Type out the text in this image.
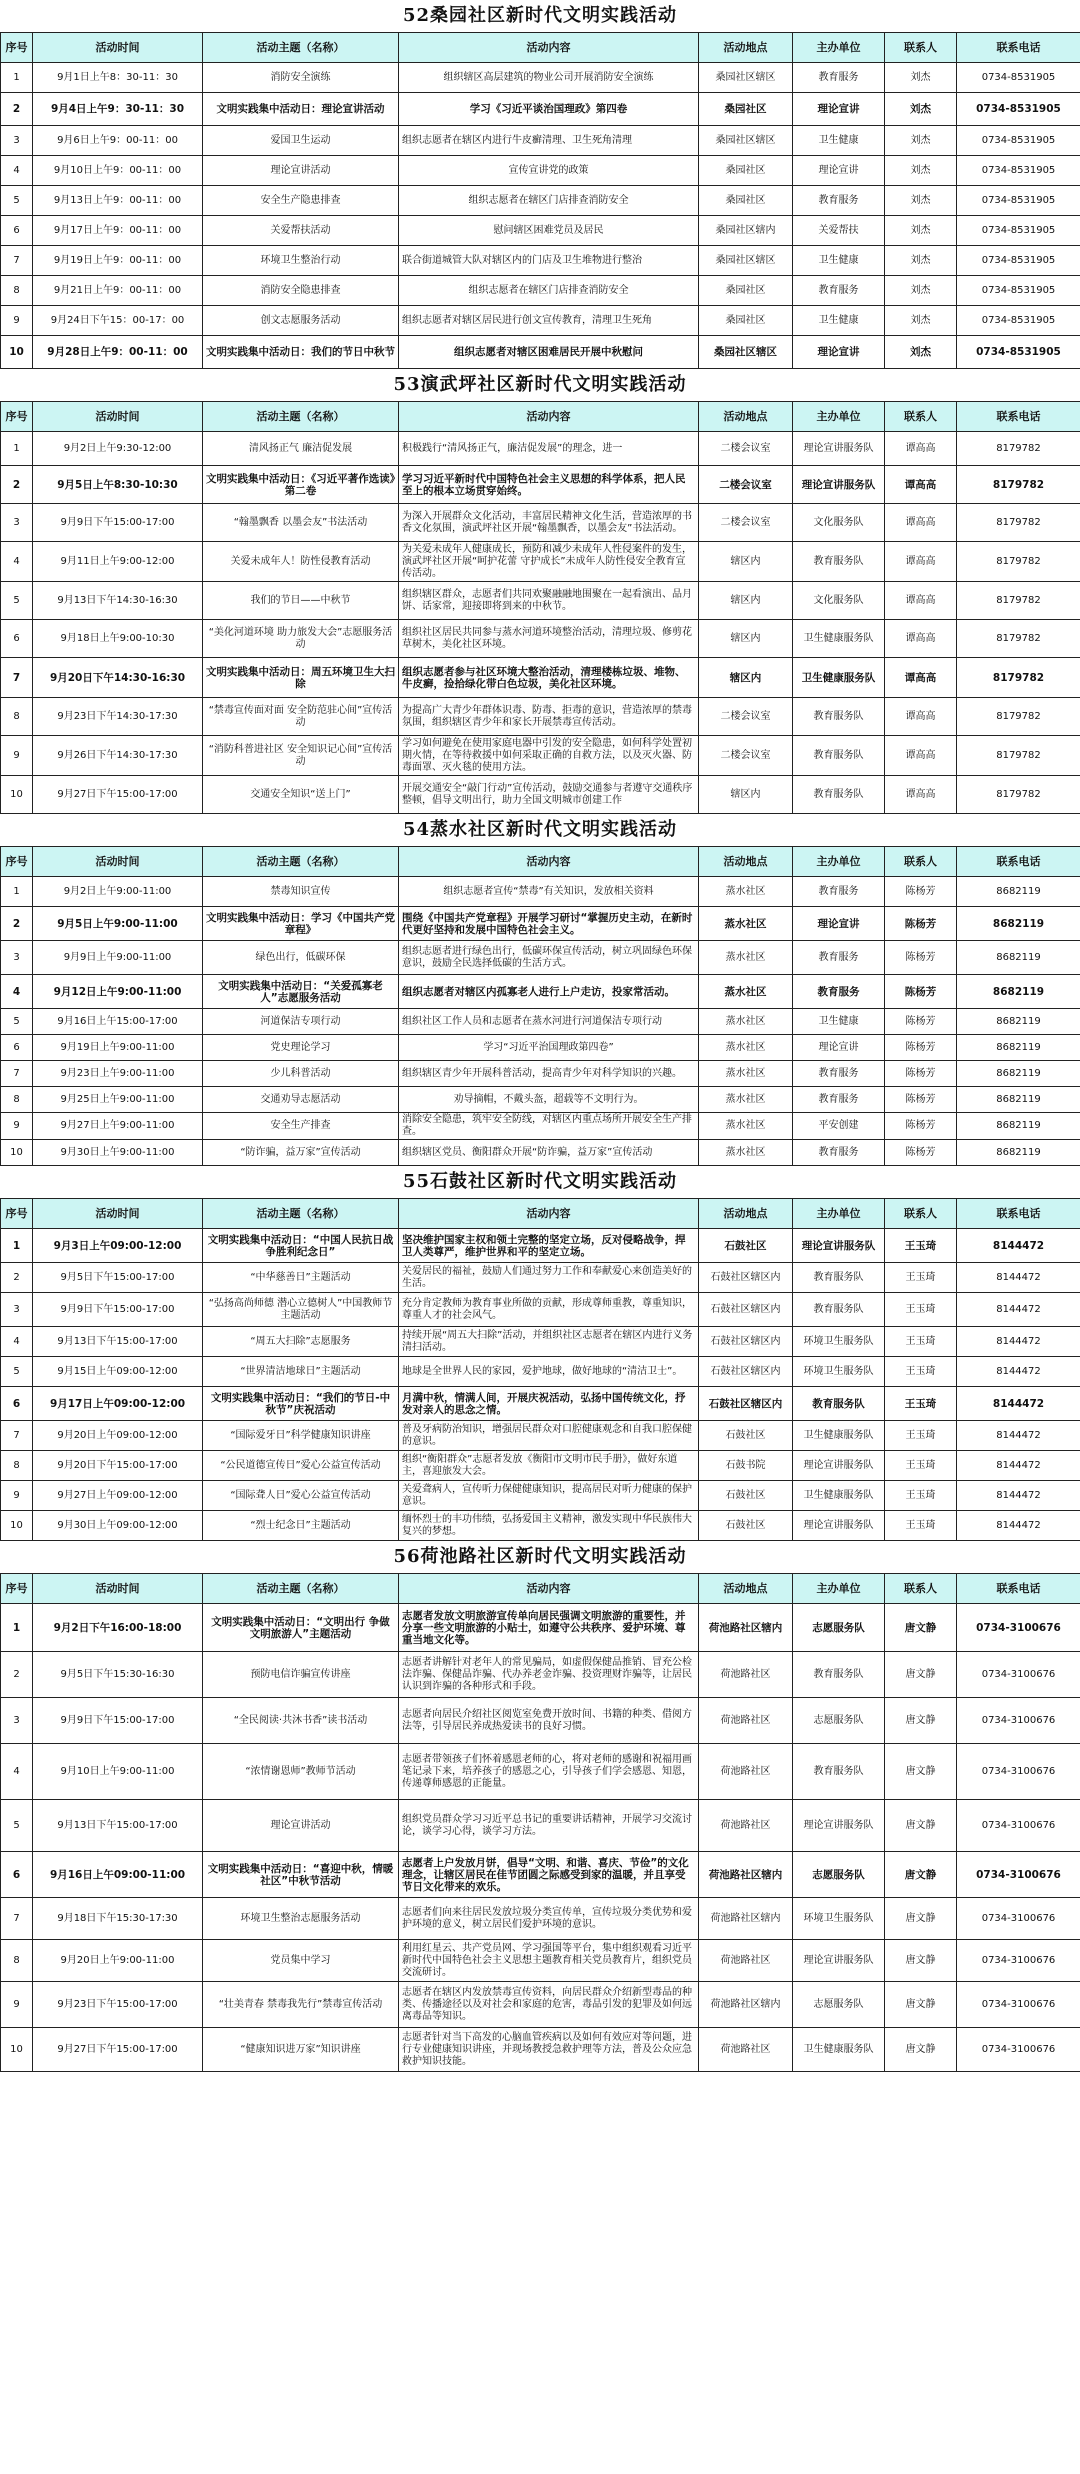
52桑园社区新时代文明实践活动
序号	活动时间	活动主题（名称）	活动内容	活动地点	主办单位	联系人	联系电话
1	9月1日上午8：30-11：30	消防安全演练	组织辖区高层建筑的物业公司开展消防安全演练	桑园社区辖区	教育服务	刘杰	0734-8531905
2	9月4日上午9：30-11：30	文明实践集中活动日：理论宣讲活动	学习《习近平谈治国理政》第四卷	桑园社区	理论宣讲	刘杰	0734-8531905
3	9月6日上午9：00-11：00	爱国卫生运动	组织志愿者在辖区内进行牛皮癣清理、卫生死角清理	桑园社区辖区	卫生健康	刘杰	0734-8531905
4	9月10日上午9：00-11：00	理论宣讲活动	宣传宣讲党的政策	桑园社区	理论宣讲	刘杰	0734-8531905
5	9月13日上午9：00-11：00	安全生产隐患排查	组织志愿者在辖区门店排查消防安全	桑园社区	教育服务	刘杰	0734-8531905
6	9月17日上午9：00-11：00	关爱帮扶活动	慰问辖区困难党员及居民	桑园社区辖内	关爱帮扶	刘杰	0734-8531905
7	9月19日上午9：00-11：00	环境卫生整治行动	联合街道城管大队对辖区内的门店及卫生堆物进行整治	桑园社区辖区	卫生健康	刘杰	0734-8531905
8	9月21日上午9：00-11：00	消防安全隐患排查	组织志愿者在辖区门店排查消防安全	桑园社区	教育服务	刘杰	0734-8531905
9	9月24日下午15：00-17：00	创文志愿服务活动	组织志愿者对辖区居民进行创文宣传教育，清理卫生死角	桑园社区	卫生健康	刘杰	0734-8531905
10	9月28日上午9：00-11：00	文明实践集中活动日：我们的节日中秋节	组织志愿者对辖区困难居民开展中秋慰问	桑园社区辖区	理论宣讲	刘杰	0734-8531905
53演武坪社区新时代文明实践活动
序号	活动时间	活动主题（名称）	活动内容	活动地点	主办单位	联系人	联系电话
1	9月2日上午9:30-12:00	清风扬正气 廉洁促发展	积极践行“清风扬正气，廉洁促发展”的理念，进一	二楼会议室	理论宣讲服务队	谭高高	8179782
2	9月5日上午8:30-10:30	文明实践集中活动日：《习近平著作选读》第二卷	学习习近平新时代中国特色社会主义思想的科学体系，把人民至上的根本立场贯穿始终。	二楼会议室	理论宣讲服务队	谭高高	8179782
3	9月9日下午15:00-17:00	“翰墨飘香 以墨会友”书法活动	为深入开展群众文化活动，丰富居民精神文化生活，营造浓厚的书香文化氛围，演武坪社区开展“翰墨飘香，以墨会友”书法活动。	二楼会议室	文化服务队	谭高高	8179782
4	9月11日上午9:00-12:00	关爱未成年人！防性侵教育活动	为关爱未成年人健康成长，预防和减少未成年人性侵案件的发生，演武坪社区开展“呵护花蕾 守护成长”未成年人防性侵安全教育宣传活动。	辖区内	教育服务队	谭高高	8179782
5	9月13日下午14:30-16:30	我们的节日——中秋节	组织辖区群众，志愿者们共同欢聚融融地围聚在一起看演出、品月饼、话家常，迎接即将到来的中秋节。	辖区内	文化服务队	谭高高	8179782
6	9月18日上午9:00-10:30	“美化河道环境 助力旅发大会”志愿服务活动	组织社区居民共同参与蒸水河道环境整治活动，清理垃圾、修剪花草树木，美化社区环境。	辖区内	卫生健康服务队	谭高高	8179782
7	9月20日下午14:30-16:30	文明实践集中活动日：周五环境卫生大扫除	组织志愿者参与社区环境大整治活动，清理楼栋垃圾、堆物、牛皮癣，捡拾绿化带白色垃圾，美化社区环境。	辖区内	卫生健康服务队	谭高高	8179782
8	9月23日下午14:30-17:30	“禁毒宣传面对面 安全防范驻心间”宣传活动	为提高广大青少年群体识毒、防毒、拒毒的意识，营造浓厚的禁毒氛围，组织辖区青少年和家长开展禁毒宣传活动。	二楼会议室	教育服务队	谭高高	8179782
9	9月26日下午14:30-17:30	“消防科普进社区 安全知识记心间”宣传活动	学习如何避免在使用家庭电器中引发的安全隐患，如何科学处置初期火情，在等待救援中如何采取正确的自救方法，以及灭火器、防毒面罩、灭火毯的使用方法。	二楼会议室	教育服务队	谭高高	8179782
10	9月27日下午15:00-17:00	交通安全知识“送上门”	开展交通安全“敲门行动”宣传活动，鼓励交通参与者遵守交通秩序整顿，倡导文明出行，助力全国文明城市创建工作	辖区内	教育服务队	谭高高	8179782
54蒸水社区新时代文明实践活动
序号	活动时间	活动主题（名称）	活动内容	活动地点	主办单位	联系人	联系电话
1	9月2日上午9:00-11:00	禁毒知识宣传	组织志愿者宣传“禁毒”有关知识，发放相关资料	蒸水社区	教育服务	陈杨芳	8682119
2	9月5日上午9:00-11:00	文明实践集中活动日：学习《中国共产党章程》	围绕《中国共产党章程》开展学习研讨“掌握历史主动，在新时代更好坚持和发展中国特色社会主义。	蒸水社区	理论宣讲	陈杨芳	8682119
3	9月9日上午9:00-11:00	绿色出行，低碳环保	组织志愿者进行绿色出行，低碳环保宣传活动，树立巩固绿色环保意识，鼓励全民选择低碳的生活方式。	蒸水社区	教育服务	陈杨芳	8682119
4	9月12日上午9:00-11:00	文明实践集中活动日：“关爱孤寡老人”志愿服务活动	组织志愿者对辖区内孤寡老人进行上户走访，投家常活动。	蒸水社区	教育服务	陈杨芳	8682119
5	9月16日上午15:00-17:00	河道保洁专项行动	组织社区工作人员和志愿者在蒸水河进行河道保洁专项行动	蒸水社区	卫生健康	陈杨芳	8682119
6	9月19日上午9:00-11:00	党史理论学习	学习“习近平治国理政第四卷”	蒸水社区	理论宣讲	陈杨芳	8682119
7	9月23日上午9:00-11:00	少儿科普活动	组织辖区青少年开展科普活动，提高青少年对科学知识的兴趣。	蒸水社区	教育服务	陈杨芳	8682119
8	9月25日上午9:00-11:00	交通劝导志愿活动	劝导摘帽，不戴头盔，超载等不文明行为。	蒸水社区	教育服务	陈杨芳	8682119
9	9月27日上午9:00-11:00	安全生产排查	消除安全隐患，筑牢安全防线，对辖区内重点场所开展安全生产排查。	蒸水社区	平安创建	陈杨芳	8682119
10	9月30日上午9:00-11:00	“防诈骗，益万家”宣传活动	组织辖区党员、衡阳群众开展“防诈骗，益万家”宣传活动	蒸水社区	教育服务	陈杨芳	8682119
55石鼓社区新时代文明实践活动
序号	活动时间	活动主题（名称）	活动内容	活动地点	主办单位	联系人	联系电话
1	9月3日上午09:00-12:00	文明实践集中活动日：“中国人民抗日战争胜利纪念日”	坚决维护国家主权和领土完整的坚定立场，反对侵略战争，捍卫人类尊严，维护世界和平的坚定立场。	石鼓社区	理论宣讲服务队	王玉琦	8144472
2	9月5日下午15:00-17:00	“中华慈善日”主题活动	关爱居民的福祉，鼓励人们通过努力工作和奉献爱心来创造美好的生活。	石鼓社区辖区内	教育服务队	王玉琦	8144472
3	9月9日下午15:00-17:00	“弘扬高尚师德 潜心立德树人”中国教师节主题活动	充分肯定教师为教育事业所做的贡献，形成尊师重教，尊重知识，尊重人才的社会风气。	石鼓社区辖区内	教育服务队	王玉琦	8144472
4	9月13日下午15:00-17:00	“周五大扫除”志愿服务	持续开展“周五大扫除”活动，并组织社区志愿者在辖区内进行义务清扫活动。	石鼓社区辖区内	环境卫生服务队	王玉琦	8144472
5	9月15日上午09:00-12:00	“世界清洁地球日”主题活动	地球是全世界人民的家园，爱护地球，做好地球的“清洁卫士”。	石鼓社区辖区内	环境卫生服务队	王玉琦	8144472
6	9月17日上午09:00-12:00	文明实践集中活动日：“我们的节日-中秋节”庆祝活动	月满中秋，情满人间，开展庆祝活动，弘扬中国传统文化，抒发对亲人的思念之情。	石鼓社区辖区内	教育服务队	王玉琦	8144472
7	9月20日上午09:00-12:00	“国际爱牙日”科学健康知识讲座	普及牙病防治知识，增强居民群众对口腔健康观念和自我口腔保健的意识。	石鼓社区	卫生健康服务队	王玉琦	8144472
8	9月20日下午15:00-17:00	“公民道德宣传日”爱心公益宣传活动	组织“衡阳群众”志愿者发放《衡阳市文明市民手册》，做好东道主，喜迎旅发大会。	石鼓书院	理论宣讲服务队	王玉琦	8144472
9	9月27日上午09:00-12:00	“国际聋人日”爱心公益宣传活动	关爱聋病人，宣传听力保健健康知识，提高居民对听力健康的保护意识。	石鼓社区	卫生健康服务队	王玉琦	8144472
10	9月30日上午09:00-12:00	“烈士纪念日”主题活动	缅怀烈士的丰功伟绩，弘扬爱国主义精神，激发实现中华民族伟大复兴的梦想。	石鼓社区	理论宣讲服务队	王玉琦	8144472
56荷池路社区新时代文明实践活动
序号	活动时间	活动主题（名称）	活动内容	活动地点	主办单位	联系人	联系电话
1	9月2日下午16:00-18:00	文明实践集中活动日：“文明出行 争做文明旅游人”主题活动	志愿者发放文明旅游宣传单向居民强调文明旅游的重要性，并分享一些文明旅游的小贴士，如遵守公共秩序、爱护环境、尊重当地文化等。	荷池路社区辖内	志愿服务队	唐文静	0734-3100676
2	9月5日下午15:30-16:30	预防电信诈骗宣传讲座	志愿者讲解针对老年人的常见骗局，如虚假保健品推销、冒充公检法诈骗、保健品诈骗、代办养老金诈骗、投资理财诈骗等，让居民认识到诈骗的各种形式和手段。	荷池路社区	教育服务队	唐文静	0734-3100676
3	9月9日下午15:00-17:00	“全民阅读·共沐书香”读书活动	志愿者向居民介绍社区阅览室免费开放时间、书籍的种类、借阅方法等，引导居民养成热爱读书的良好习惯。	荷池路社区	志愿服务队	唐文静	0734-3100676
4	9月10日上午9:00-11:00	“浓情谢恩师”教师节活动	志愿者带领孩子们怀着感恩老师的心，将对老师的感谢和祝福用画笔记录下来，培养孩子的感恩之心，引导孩子们学会感恩、知恩，传递尊师感恩的正能量。	荷池路社区	教育服务队	唐文静	0734-3100676
5	9月13日下午15:00-17:00	理论宣讲活动	组织党员群众学习习近平总书记的重要讲话精神，开展学习交流讨论，谈学习心得，谈学习方法。	荷池路社区	理论宣讲服务队	唐文静	0734-3100676
6	9月16日上午09:00-11:00	文明实践集中活动日：“喜迎中秋，情暖社区”中秋节活动	志愿者上户发放月饼，倡导“文明、和谐、喜庆、节俭”的文化理念，让辖区居民在佳节团圆之际感受到家的温暖，并且享受节日文化带来的欢乐。	荷池路社区辖内	志愿服务队	唐文静	0734-3100676
7	9月18日下午15:30-17:30	环境卫生整治志愿服务活动	志愿者们向来往居民发放垃圾分类宣传单，宣传垃圾分类优势和爱护环境的意义，树立居民们爱护环境的意识。	荷池路社区辖内	环境卫生服务队	唐文静	0734-3100676
8	9月20日上午9:00-11:00	党员集中学习	利用红星云、共产党员网、学习强国等平台，集中组织观看习近平新时代中国特色社会主义思想主题教育相关党员教育片，组织党员交流研讨。	荷池路社区	理论宣讲服务队	唐文静	0734-3100676
9	9月23日下午15:00-17:00	“壮美青春 禁毒我先行”禁毒宣传活动	志愿者在辖区内发放禁毒宣传资料，向居民群众介绍新型毒品的种类、传播途径以及对社会和家庭的危害，毒品引发的犯罪及如何远离毒品等知识。	荷池路社区辖内	志愿服务队	唐文静	0734-3100676
10	9月27日下午15:00-17:00	“健康知识进万家”知识讲座	志愿者针对当下高发的心脑血管疾病以及如何有效应对等问题，进行专业健康知识讲座，并现场教授急救护理等方法，普及公众应急救护知识技能。	荷池路社区	卫生健康服务队	唐文静	0734-3100676
